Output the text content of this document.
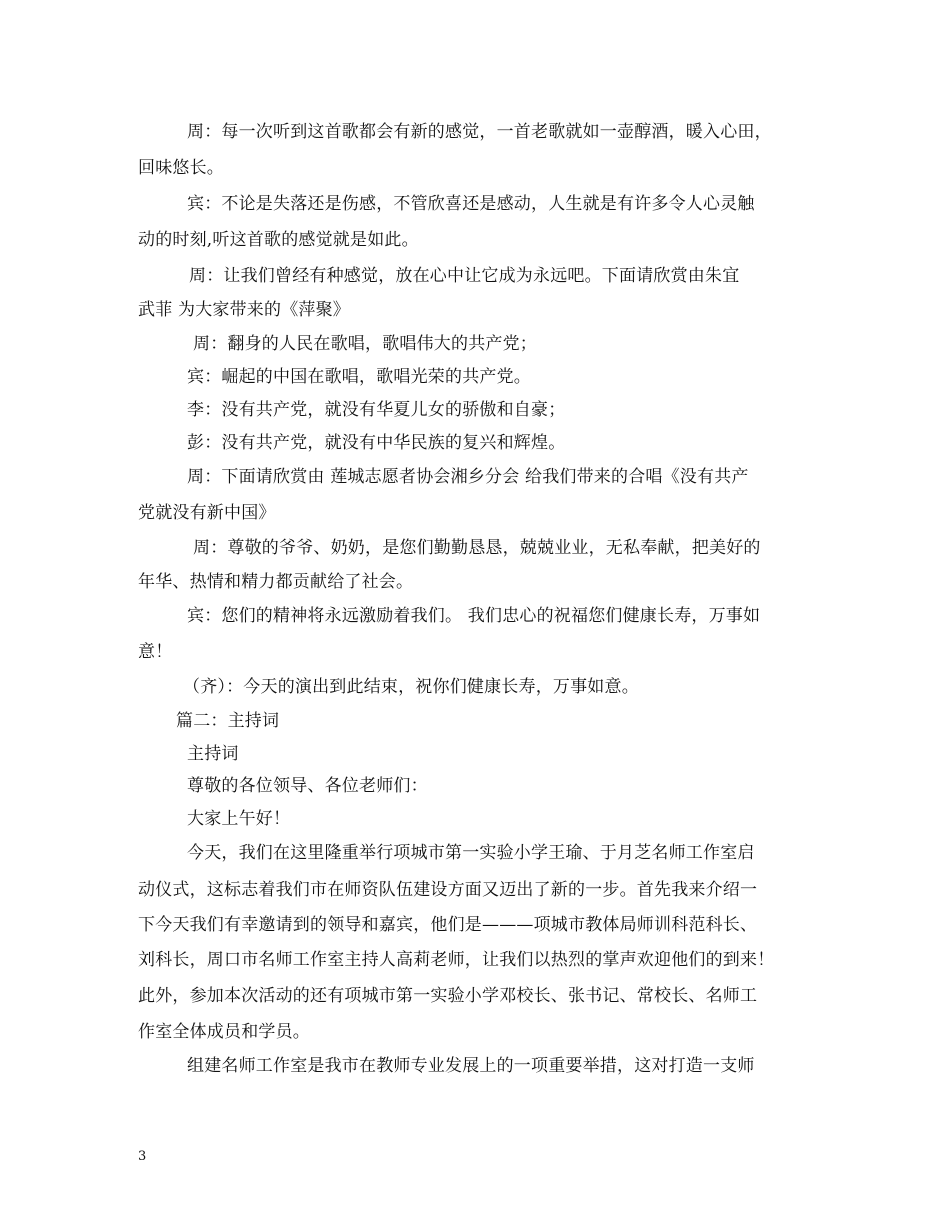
周：每一次听到这首歌都会有新的感觉，一首老歌就如一壶醇酒，暖入心田，
回味悠长。
宾：不论是失落还是伤感，不管欣喜还是感动，人生就是有许多令人心灵触
动的时刻,听这首歌的感觉就是如此。
周：让我们曾经有种感觉，放在心中让它成为永远吧。下面请欣赏由朱宜
武菲 为大家带来的《萍聚》
周：翻身的人民在歌唱，歌唱伟大的共产党；
宾：崛起的中国在歌唱，歌唱光荣的共产党。
李：没有共产党，就没有华夏儿女的骄傲和自豪；
彭：没有共产党，就没有中华民族的复兴和辉煌。
周：下面请欣赏由 莲城志愿者协会湘乡分会 给我们带来的合唱《没有共产
党就没有新中国》
周：尊敬的爷爷、奶奶，是您们勤勤恳恳，兢兢业业，无私奉献，把美好的
年华、热情和精力都贡献给了社会。
宾：您们的精神将永远激励着我们。 我们忠心的祝福您们健康长寿，万事如
意！
（齐）：今天的演出到此结束，祝你们健康长寿，万事如意。
篇二：主持词
主持词
尊敬的各位领导、各位老师们：
大家上午好！
今天，我们在这里隆重举行项城市第一实验小学王瑜、于月芝名师工作室启
动仪式，这标志着我们市在师资队伍建设方面又迈出了新的一步。首先我来介绍一
下今天我们有幸邀请到的领导和嘉宾，他们是———项城市教体局师训科范科长、
刘科长，周口市名师工作室主持人高莉老师，让我们以热烈的掌声欢迎他们的到来！
此外，参加本次活动的还有项城市第一实验小学邓校长、张书记、常校长、名师工
作室全体成员和学员。
组建名师工作室是我市在教师专业发展上的一项重要举措，这对打造一支师
3
